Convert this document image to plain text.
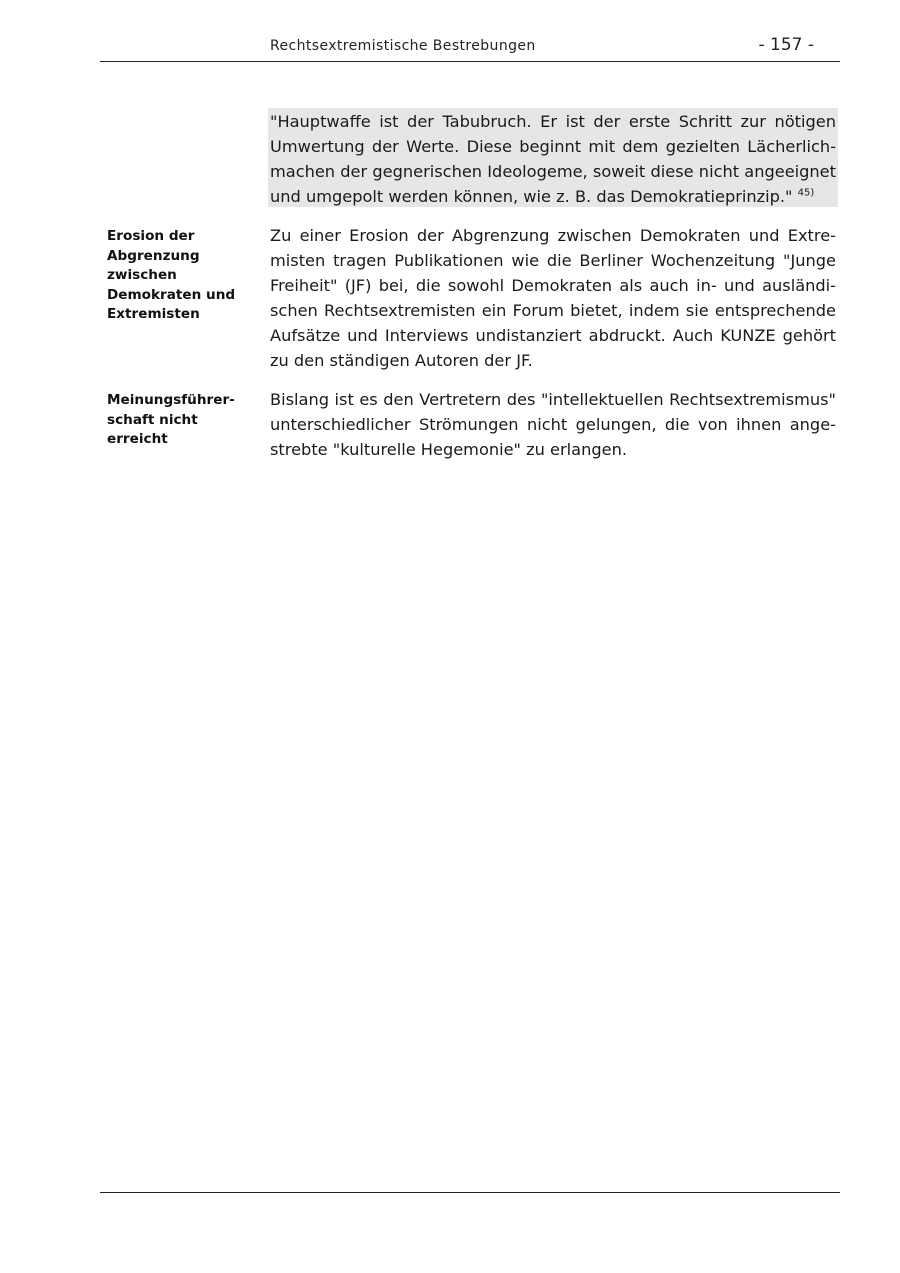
Rechtsextremistische Bestrebungen	- 157 -
"Hauptwaffe ist der Tabubruch. Er ist der erste Schritt zur nötigen Umwertung der Werte. Diese beginnt mit dem gezielten Lächerlichmachen der gegnerischen Ideologeme, soweit diese nicht angeeignet und umgepolt werden können, wie z. B. das Demokratieprinzip." $^{45)}$
Erosion der Abgrenzung zwischen Demokraten und Extremisten
Zu einer Erosion der Abgrenzung zwischen Demokraten und Extremisten tragen Publikationen wie die Berliner Wochenzeitung "Junge Freiheit" (JF) bei, die sowohl Demokraten als auch in- und ausländischen Rechtsextremisten ein Forum bietet, indem sie entsprechende Aufsätze und Interviews undistanziert abdruckt. Auch KUNZE gehört zu den ständigen Autoren der JF.
Meinungsführerschaft nicht erreicht
Bislang ist es den Vertretern des "intellektuellen Rechtsextremismus" unterschiedlicher Strömungen nicht gelungen, die von ihnen angestrebte "kulturelle Hegemonie" zu erlangen.
